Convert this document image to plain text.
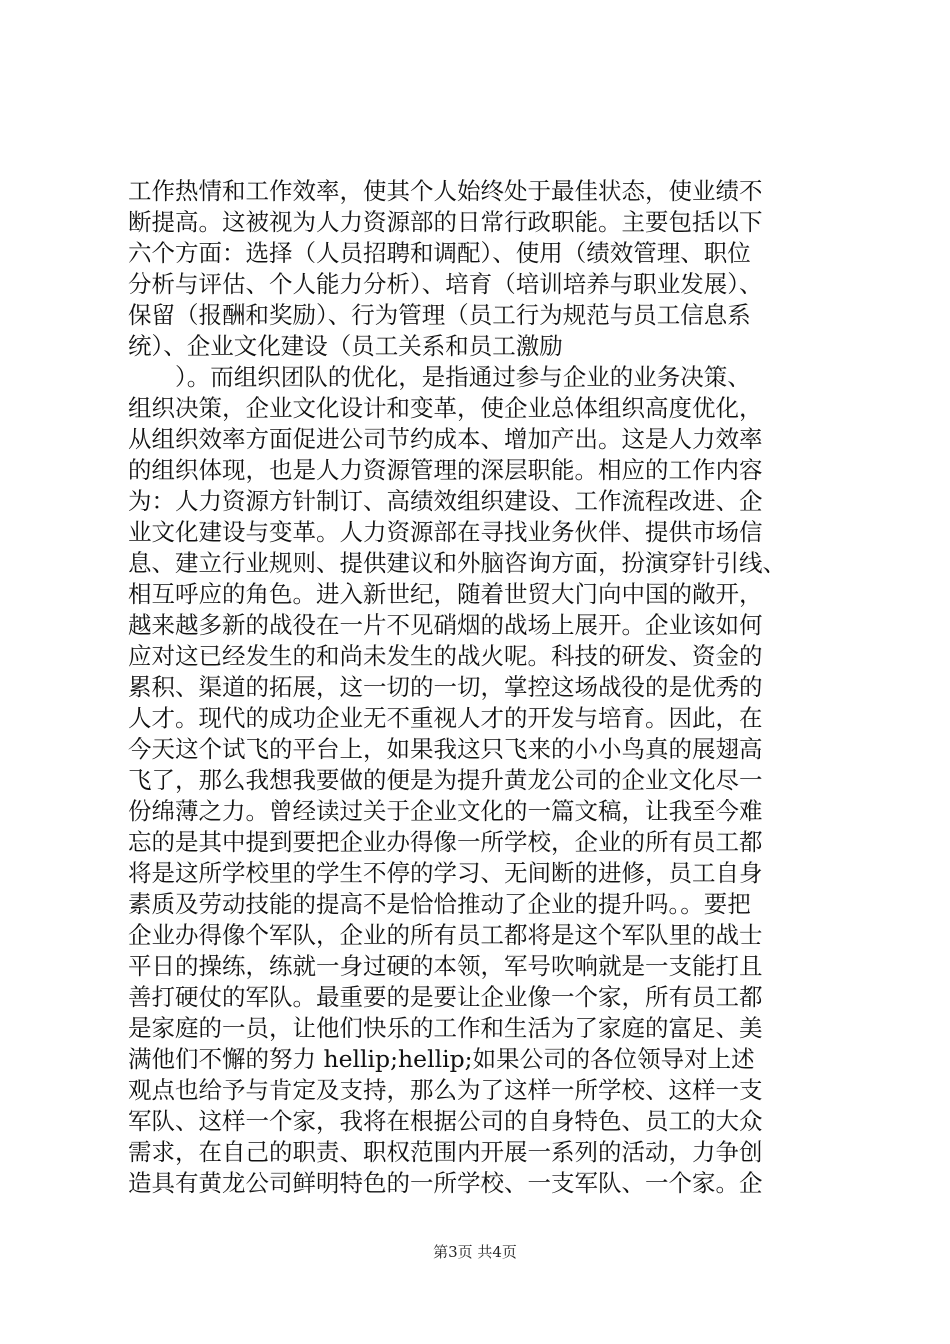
工作热情和工作效率，使其个人始终处于最佳状态，使业绩不
断提高。这被视为人力资源部的日常行政职能。主要包括以下
六个方面：选择（人员招聘和调配）、使用（绩效管理、职位
分析与评估、个人能力分析）、培育（培训培养与职业发展）、
保留（报酬和奖励）、行为管理（员工行为规范与员工信息系
统）、企业文化建设（员工关系和员工激励
）。而组织团队的优化，是指通过参与企业的业务决策、
组织决策，企业文化设计和变革，使企业总体组织高度优化，
从组织效率方面促进公司节约成本、增加产出。这是人力效率
的组织体现，也是人力资源管理的深层职能。相应的工作内容
为：人力资源方针制订、高绩效组织建设、工作流程改进、企
业文化建设与变革。人力资源部在寻找业务伙伴、提供市场信
息、建立行业规则、提供建议和外脑咨询方面，扮演穿针引线、
相互呼应的角色。进入新世纪，随着世贸大门向中国的敞开，
越来越多新的战役在一片不见硝烟的战场上展开。企业该如何
应对这已经发生的和尚未发生的战火呢。科技的研发、资金的
累积、渠道的拓展，这一切的一切，掌控这场战役的是优秀的
人才。现代的成功企业无不重视人才的开发与培育。因此，在
今天这个试飞的平台上，如果我这只飞来的小小鸟真的展翅高
飞了，那么我想我要做的便是为提升黄龙公司的企业文化尽一
份绵薄之力。曾经读过关于企业文化的一篇文稿，让我至今难
忘的是其中提到要把企业办得像一所学校，企业的所有员工都
将是这所学校里的学生不停的学习、无间断的进修，员工自身
素质及劳动技能的提高不是恰恰推动了企业的提升吗。。要把
企业办得像个军队，企业的所有员工都将是这个军队里的战士
平日的操练，练就一身过硬的本领，军号吹响就是一支能打且
善打硬仗的军队。最重要的是要让企业像一个家，所有员工都
是家庭的一员，让他们快乐的工作和生活为了家庭的富足、美
满他们不懈的努力 hellip;hellip;如果公司的各位领导对上述
观点也给予与肯定及支持，那么为了这样一所学校、这样一支
军队、这样一个家，我将在根据公司的自身特色、员工的大众
需求，在自己的职责、职权范围内开展一系列的活动，力争创
造具有黄龙公司鲜明特色的一所学校、一支军队、一个家。企
第3页 共4页
